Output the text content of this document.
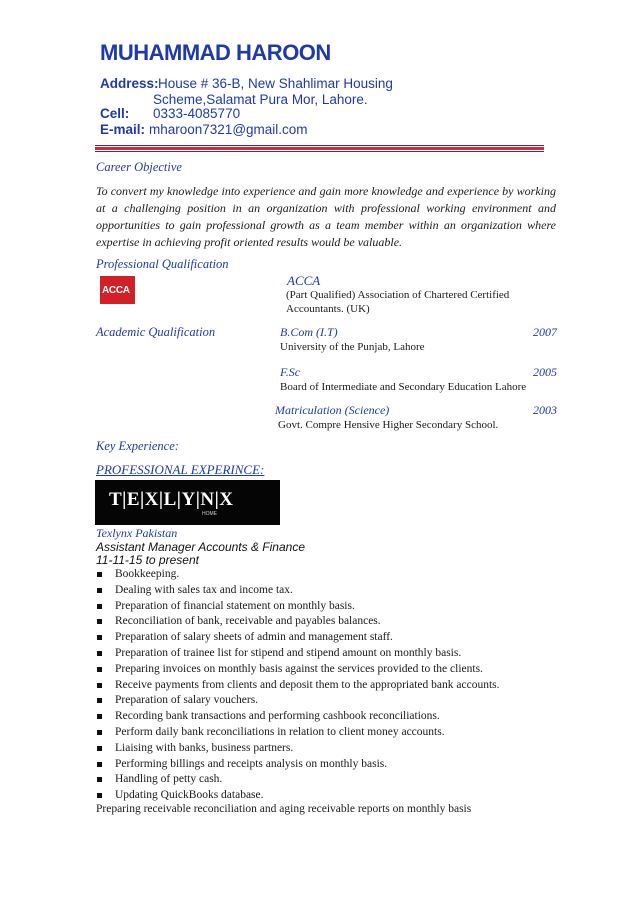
MUHAMMAD HAROON
Address: House # 36-B, New Shahlimar Housing
Scheme,Salamat Pura Mor, Lahore.
Cell: 0333-4085770
E-mail: mharoon7321@gmail.com
Career Objective
To convert my knowledge into experience and gain more knowledge and experience by working at a challenging position in an organization with professional working environment and opportunities to gain professional growth as a team member within an organization where expertise in achieving profit oriented results would be valuable.
Professional Qualification
ACCA
ACCA
(Part Qualified) Association of Chartered Certified
Accountants. (UK)
Academic Qualification	B.Com (I.T)	2007
University of the Punjab, Lahore
F.Sc	2005
Board of Intermediate and Secondary Education Lahore
Matriculation (Science)	2003
Govt. Compre Hensive Higher Secondary School.
Key Experience:
PROFESSIONAL EXPERINCE:
T|E|X|L|Y|N|X
HOME
Texlynx Pakistan
Assistant Manager Accounts & Finance
11-11-15 to present
Bookkeeping.
Dealing with sales tax and income tax.
Preparation of financial statement on monthly basis.
Reconciliation of bank, receivable and payables balances.
Preparation of salary sheets of admin and management staff.
Preparation of trainee list for stipend and stipend amount on monthly basis.
Preparing invoices on monthly basis against the services provided to the clients.
Receive payments from clients and deposit them to the appropriated bank accounts.
Preparation of salary vouchers.
Recording bank transactions and performing cashbook reconciliations.
Perform daily bank reconciliations in relation to client money accounts.
Liaising with banks, business partners.
Performing billings and receipts analysis on monthly basis.
Handling of petty cash.
Updating QuickBooks database.
Preparing receivable reconciliation and aging receivable reports on monthly basis
